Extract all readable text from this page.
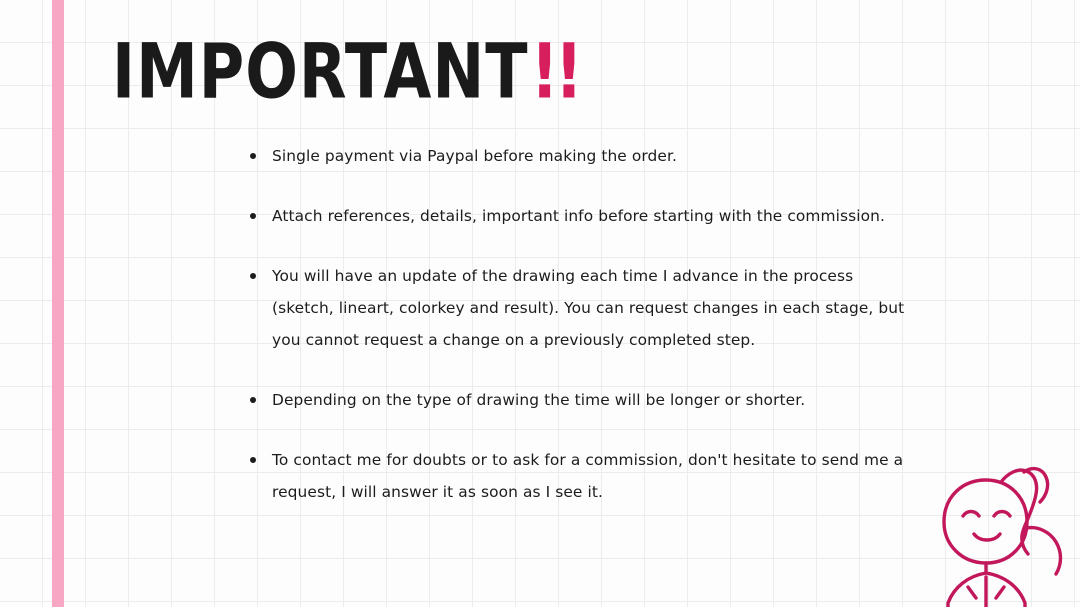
IMPORTANT!!
Single payment via Paypal before making the order.
Attach references, details, important info before starting with the commission.
You will have an update of the drawing each time I advance in the process (sketch, lineart, colorkey and result). You can request changes in each stage, but you cannot request a change on a previously completed step.
Depending on the type of drawing the time will be longer or shorter.
To contact me for doubts or to ask for a commission, don't hesitate to send me a request, I will answer it as soon as I see it.
